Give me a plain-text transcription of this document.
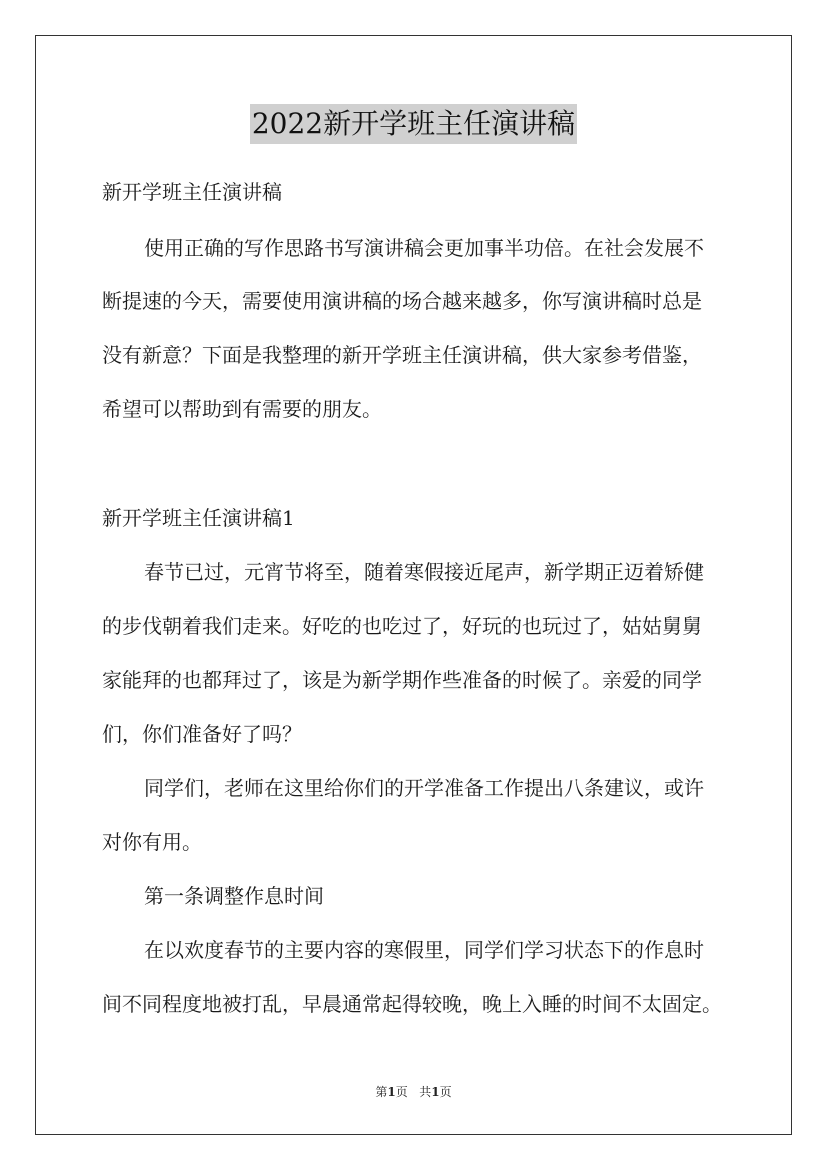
2022新开学班主任演讲稿
新开学班主任演讲稿
使用正确的写作思路书写演讲稿会更加事半功倍。在社会发展不
断提速的今天，需要使用演讲稿的场合越来越多，你写演讲稿时总是
没有新意？下面是我整理的新开学班主任演讲稿，供大家参考借鉴，
希望可以帮助到有需要的朋友。
新开学班主任演讲稿1
春节已过，元宵节将至，随着寒假接近尾声，新学期正迈着矫健
的步伐朝着我们走来。好吃的也吃过了，好玩的也玩过了，姑姑舅舅
家能拜的也都拜过了，该是为新学期作些准备的时候了。亲爱的同学
们，你们准备好了吗？
同学们，老师在这里给你们的开学准备工作提出八条建议，或许
对你有用。
第一条调整作息时间
在以欢度春节的主要内容的寒假里，同学们学习状态下的作息时
间不同程度地被打乱，早晨通常起得较晚，晚上入睡的时间不太固定。
第1页 共1页
